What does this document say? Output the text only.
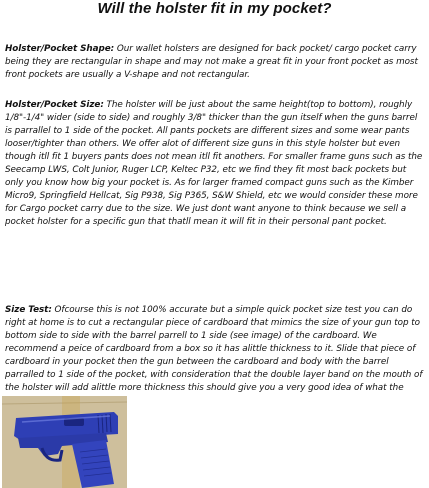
Will the holster fit in my pocket?
Holster/Pocket Shape: Our wallet holsters are designed for back pocket/ cargo pocket carry being they are rectangular in shape and may not make a great fit in your front pocket as most front pockets are usually a V-shape and not rectangular.
Holster/Pocket Size: The holster will be just about the same height(top to bottom), roughly 1/8"-1/4" wider (side to side) and roughly 3/8" thicker than the gun itself when the guns barrel is parrallel to 1 side of the pocket. All pants pockets are different sizes and some wear pants looser/tighter than others. We offer alot of different size guns in this style holster but even though itll fit 1 buyers pants does not mean itll fit anothers. For smaller frame guns such as the Seecamp LWS, Colt Junior, Ruger LCP, Keltec P32, etc we find they fit most back pockets but only you know how big your pocket is. As for larger framed compact guns such as the Kimber Micro9, Springfield Hellcat, Sig P938, Sig P365, S&W Shield, etc we would consider these more for Cargo pocket carry due to the size. We just dont want anyone to think because we sell a pocket holster for a specific gun that thatll mean it will fit in their personal pant pocket.
Size Test: Ofcourse this is not 100% accurate but a simple quick pocket size test you can do right at home is to cut a rectangular piece of cardboard that mimics the size of your gun top to bottom side to side with the barrel parrell to 1 side (see image) of the cardboard. We recommend a peice of cardboard from a box so it has alittle thickness to it. Slide that piece of cardboard in your pocket then the gun between the cardboard and body with the barrel parralled to 1 side of the pocket, with consideration that the double layer band on the mouth of the holster will add alittle more thickness this should give you a very good idea of what the
